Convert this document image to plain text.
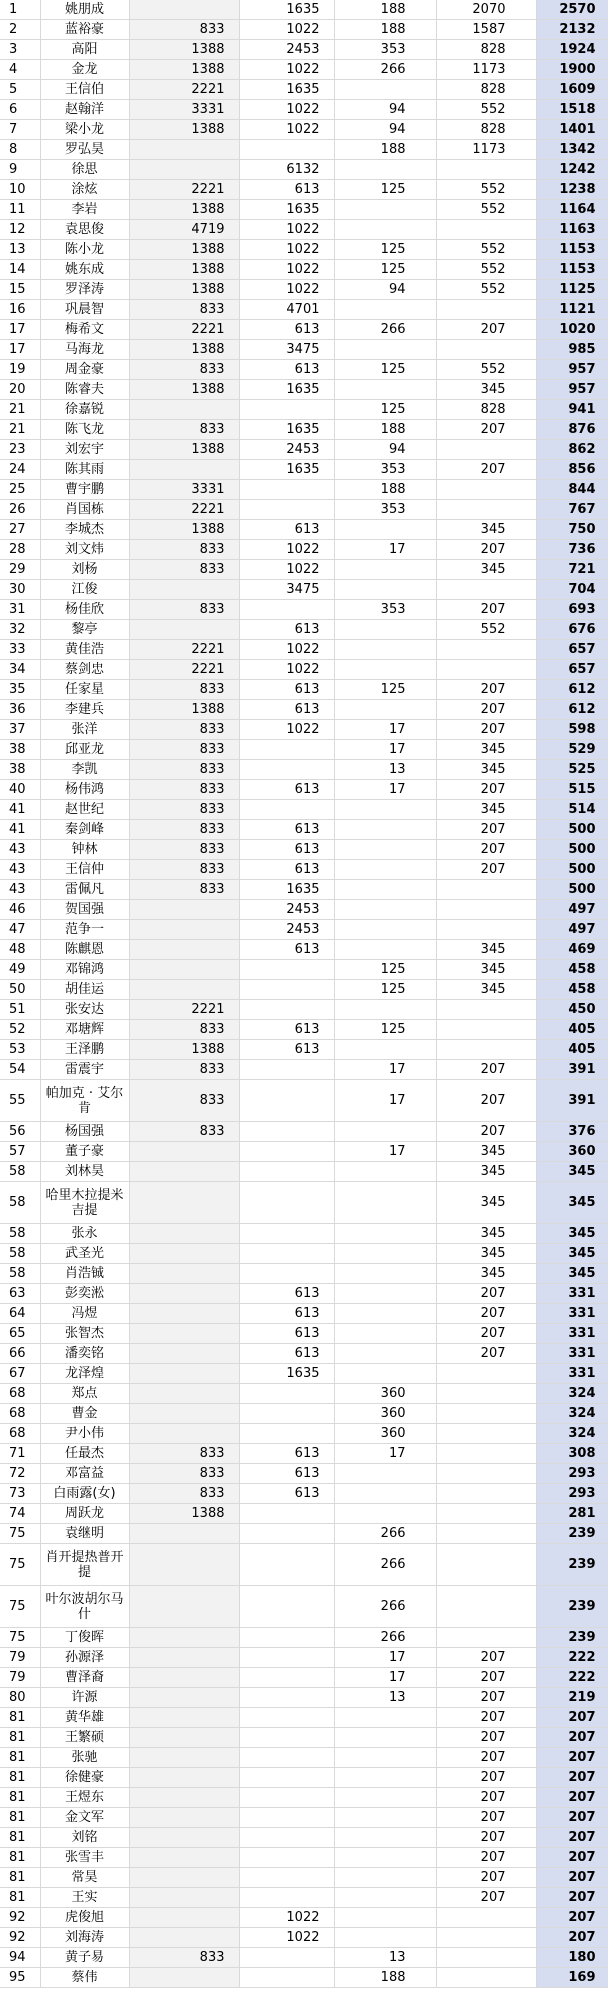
1	姚朋成		1635	188	2070	2570
2	蓝裕豪	833	1022	188	1587	2132
3	高阳	1388	2453	353	828	1924
4	金龙	1388	1022	266	1173	1900
5	王信伯	2221	1635		828	1609
6	赵翰洋	3331	1022	94	552	1518
7	梁小龙	1388	1022	94	828	1401
8	罗弘昊			188	1173	1342
9	徐思		6132			1242
10	涂炫	2221	613	125	552	1238
11	李岩	1388	1635		552	1164
12	袁思俊	4719	1022			1163
13	陈小龙	1388	1022	125	552	1153
14	姚东成	1388	1022	125	552	1153
15	罗泽涛	1388	1022	94	552	1125
16	巩晨智	833	4701			1121
17	梅希文	2221	613	266	207	1020
17	马海龙	1388	3475			985
19	周金豪	833	613	125	552	957
20	陈睿夫	1388	1635		345	957
21	徐嘉锐			125	828	941
21	陈飞龙	833	1635	188	207	876
23	刘宏宇	1388	2453	94		862
24	陈其雨		1635	353	207	856
25	曹宇鹏	3331		188		844
26	肖国栋	2221		353		767
27	李城杰	1388	613		345	750
28	刘文炜	833	1022	17	207	736
29	刘杨	833	1022		345	721
30	江俊		3475			704
31	杨佳欣	833		353	207	693
32	黎亭		613		552	676
33	黄佳浩	2221	1022			657
34	蔡剑忠	2221	1022			657
35	任家星	833	613	125	207	612
36	李建兵	1388	613		207	612
37	张洋	833	1022	17	207	598
38	邱亚龙	833		17	345	529
38	李凯	833		13	345	525
40	杨伟鸿	833	613	17	207	515
41	赵世纪	833			345	514
41	秦剑峰	833	613		207	500
43	钟林	833	613		207	500
43	王信仲	833	613		207	500
43	雷佩凡	833	1635			500
46	贺国强		2453			497
47	范争一		2453			497
48	陈麒恩		613		345	469
49	邓锦鸿			125	345	458
50	胡佳运			125	345	458
51	张安达	2221				450
52	邓塘辉	833	613	125		405
53	王泽鹏	1388	613			405
54	雷震宇	833		17	207	391
55	帕加克 · 艾尔肯	833		17	207	391
56	杨国强	833			207	376
57	董子豪			17	345	360
58	刘林昊				345	345
58	哈里木拉提米吉提				345	345
58	张永				345	345
58	武圣光				345	345
58	肖浩铖				345	345
63	彭奕淞		613		207	331
64	冯煜		613		207	331
65	张智杰		613		207	331
66	潘奕铭		613		207	331
67	龙泽煌		1635			331
68	郑点			360		324
68	曹金			360		324
68	尹小伟			360		324
71	任最杰	833	613	17		308
72	邓富益	833	613			293
73	白雨露(女)	833	613			293
74	周跃龙	1388				281
75	袁继明			266		239
75	肖开提热普开提			266		239
75	叶尔波胡尔马什			266		239
75	丁俊晖			266		239
79	孙源泽			17	207	222
79	曹泽裔			17	207	222
80	许源			13	207	219
81	黄华雄				207	207
81	王繁硕				207	207
81	张驰				207	207
81	徐健豪				207	207
81	王煜东				207	207
81	金文军				207	207
81	刘铭				207	207
81	张雪丰				207	207
81	常昊				207	207
81	王实				207	207
92	虎俊旭		1022			207
92	刘海涛		1022			207
94	黄子易	833		13		180
95	蔡伟			188		169
